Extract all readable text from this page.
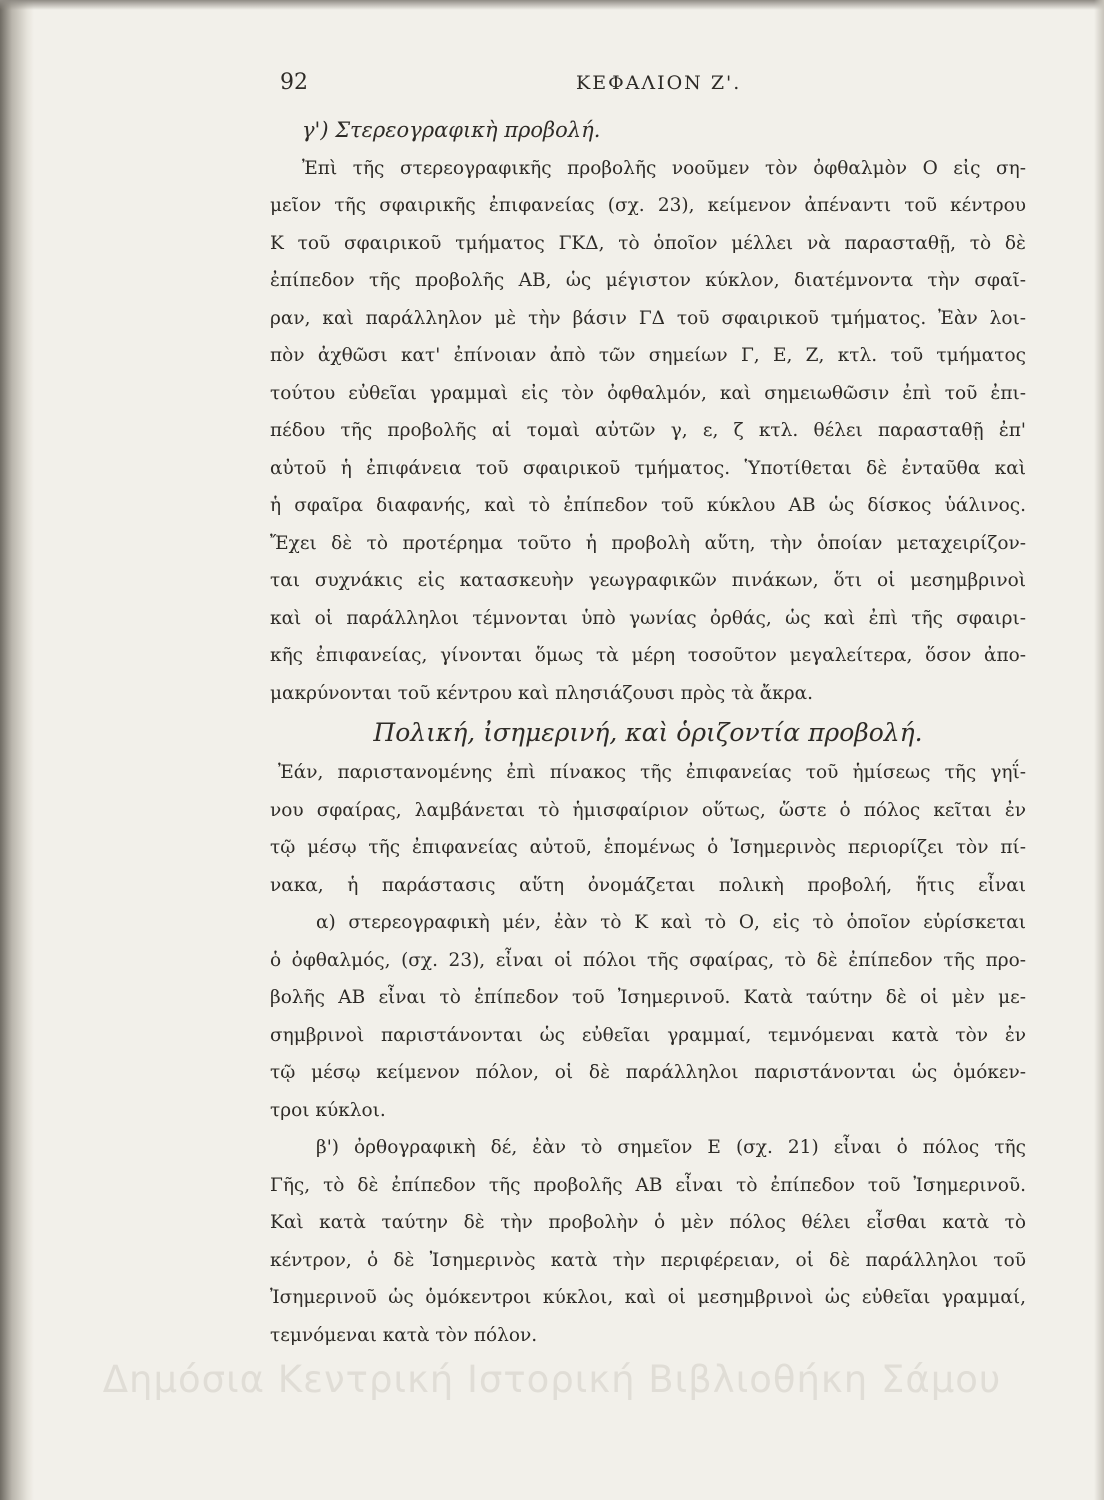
92	ΚΕΦΑΛΙΟΝ Ζ'.
γ') Στερεογραφικὴ προβολή.
Ἐπὶ τῆς στερεογραφικῆς προβολῆς νοοῦμεν τὸν ὀφθαλμὸν Ο εἰς ση-
μεῖον τῆς σφαιρικῆς ἐπιφανείας (σχ. 23), κείμενον ἀπέναντι τοῦ κέντρου
Κ τοῦ σφαιρικοῦ τμήματος ΓΚΔ, τὸ ὁποῖον μέλλει νὰ παρασταθῇ, τὸ δὲ
ἐπίπεδον τῆς προβολῆς ΑΒ, ὡς μέγιστον κύκλον, διατέμνοντα τὴν σφαῖ-
ραν, καὶ παράλληλον μὲ τὴν βάσιν ΓΔ τοῦ σφαιρικοῦ τμήματος. Ἐὰν λοι-
πὸν ἀχθῶσι κατ' ἐπίνοιαν ἀπὸ τῶν σημείων Γ, Ε, Ζ, κτλ. τοῦ τμήματος
τούτου εὐθεῖαι γραμμαὶ εἰς τὸν ὀφθαλμόν, καὶ σημειωθῶσιν ἐπὶ τοῦ ἐπι-
πέδου τῆς προβολῆς αἱ τομαὶ αὐτῶν γ, ε, ζ κτλ. θέλει παρασταθῇ ἐπ'
αὐτοῦ ἡ ἐπιφάνεια τοῦ σφαιρικοῦ τμήματος. Ὑποτίθεται δὲ ἐνταῦθα καὶ
ἡ σφαῖρα διαφανής, καὶ τὸ ἐπίπεδον τοῦ κύκλου ΑΒ ὡς δίσκος ὑάλινος.
Ἔχει δὲ τὸ προτέρημα τοῦτο ἡ προβολὴ αὕτη, τὴν ὁποίαν μεταχειρίζον-
ται συχνάκις εἰς κατασκευὴν γεωγραφικῶν πινάκων, ὅτι οἱ μεσημβρινοὶ
καὶ οἱ παράλληλοι τέμνονται ὑπὸ γωνίας ὀρθάς, ὡς καὶ ἐπὶ τῆς σφαιρι-
κῆς ἐπιφανείας, γίνονται ὅμως τὰ μέρη τοσοῦτον μεγαλείτερα, ὅσον ἀπο-
μακρύνονται τοῦ κέντρου καὶ πλησιάζουσι πρὸς τὰ ἄκρα.
Πολική, ἰσημερινή, καὶ ὁριζοντία προβολή.
Ἐάν, παριστανομένης ἐπὶ πίνακος τῆς ἐπιφανείας τοῦ ἡμίσεως τῆς γηΐ-
νου σφαίρας, λαμβάνεται τὸ ἡμισφαίριον οὕτως, ὥστε ὁ πόλος κεῖται ἐν
τῷ μέσῳ τῆς ἐπιφανείας αὐτοῦ, ἑπομένως ὁ Ἰσημερινὸς περιορίζει τὸν πί-
νακα, ἡ παράστασις αὕτη ὀνομάζεται πολικὴ προβολή, ἥτις εἶναι
α) στερεογραφικὴ μέν, ἐὰν τὸ Κ καὶ τὸ Ο, εἰς τὸ ὁποῖον εὑρίσκεται
ὁ ὀφθαλμός, (σχ. 23), εἶναι οἱ πόλοι τῆς σφαίρας, τὸ δὲ ἐπίπεδον τῆς προ-
βολῆς ΑΒ εἶναι τὸ ἐπίπεδον τοῦ Ἰσημερινοῦ. Κατὰ ταύτην δὲ οἱ μὲν με-
σημβρινοὶ παριστάνονται ὡς εὐθεῖαι γραμμαί, τεμνόμεναι κατὰ τὸν ἐν
τῷ μέσῳ κείμενον πόλον, οἱ δὲ παράλληλοι παριστάνονται ὡς ὁμόκεν-
τροι κύκλοι.
β') ὀρθογραφικὴ δέ, ἐὰν τὸ σημεῖον Ε (σχ. 21) εἶναι ὁ πόλος τῆς
Γῆς, τὸ δὲ ἐπίπεδον τῆς προβολῆς ΑΒ εἶναι τὸ ἐπίπεδον τοῦ Ἰσημερινοῦ.
Καὶ κατὰ ταύτην δὲ τὴν προβολὴν ὁ μὲν πόλος θέλει εἶσθαι κατὰ τὸ
κέντρον, ὁ δὲ Ἰσημερινὸς κατὰ τὴν περιφέρειαν, οἱ δὲ παράλληλοι τοῦ
Ἰσημερινοῦ ὡς ὁμόκεντροι κύκλοι, καὶ οἱ μεσημβρινοὶ ὡς εὐθεῖαι γραμμαί,
τεμνόμεναι κατὰ τὸν πόλον.
Δημόσια Κεντρική Ιστορική Βιβλιοθήκη Σάμου
